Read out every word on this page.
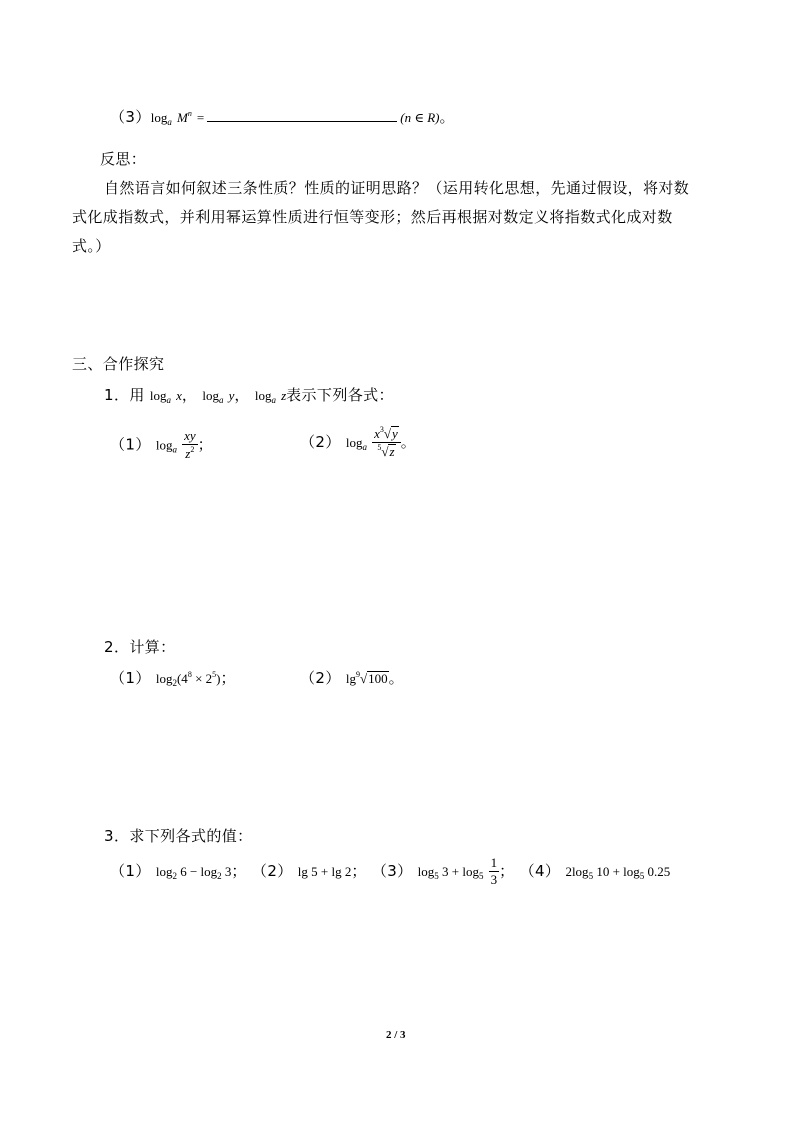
$(3)\log_a$ $M^n$ =	(n ∈ R)。
反思：
自然语言如何叙述三条性质？性质的证明思路？（运用转化思想，先通过假设，将对数
式化成指数式，并利用幂运算性质进行恒等变形；然后再根据对数定义将指数式化成对数
式。）
三、合作探究
1．用 $\log_a x$， $\log_a y$， $\log_a z$表示下列各式：
（1） $\log_a \frac{xy}{z^2}$ ；	（2） $\log_a \frac{x^3√y}{^5√z}$ 。
2．计算：
（1） $\log_2(4^8 \times 2^5)$；	（2） $\lg^9√100$。
3．求下列各式的值：
（1） $\log_2 6 - \log_2 3$； （2） lg 5 + lg 2； （3） $\log_5 3 + \log_5 \frac{1}{3}$ ； （4） $2\log_5$ $10 + \log_5 0.25$
2 / 3
